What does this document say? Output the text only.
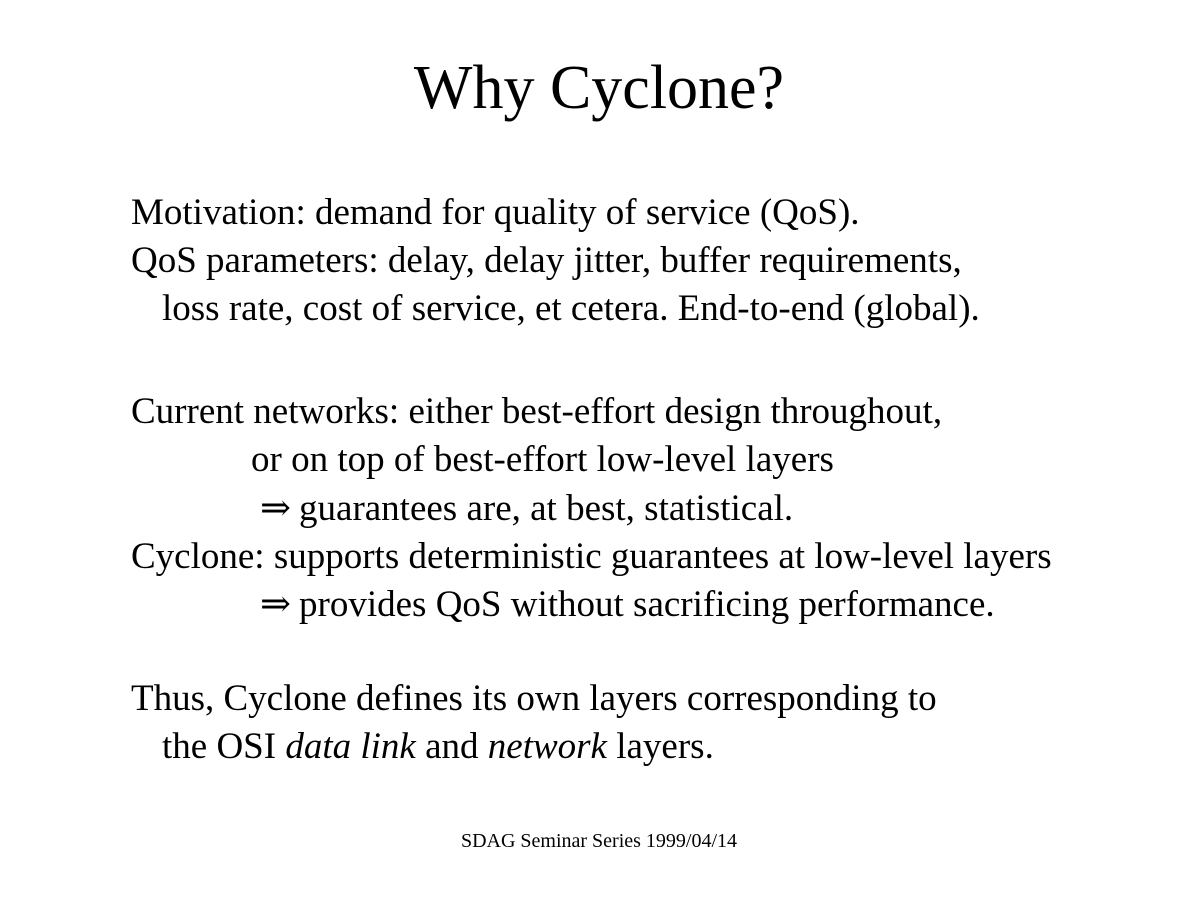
Why Cyclone?
Motivation: demand for quality of service (QoS).
QoS parameters: delay, delay jitter, buffer requirements,
loss rate, cost of service, et cetera. End-to-end (global).
Current networks: either best-effort design throughout,
or on top of best-effort low-level layers
⇒ guarantees are, at best, statistical.
Cyclone: supports deterministic guarantees at low-level layers
⇒ provides QoS without sacrificing performance.
Thus, Cyclone defines its own layers corresponding to
the OSI data link and network layers.
SDAG Seminar Series 1999/04/14
